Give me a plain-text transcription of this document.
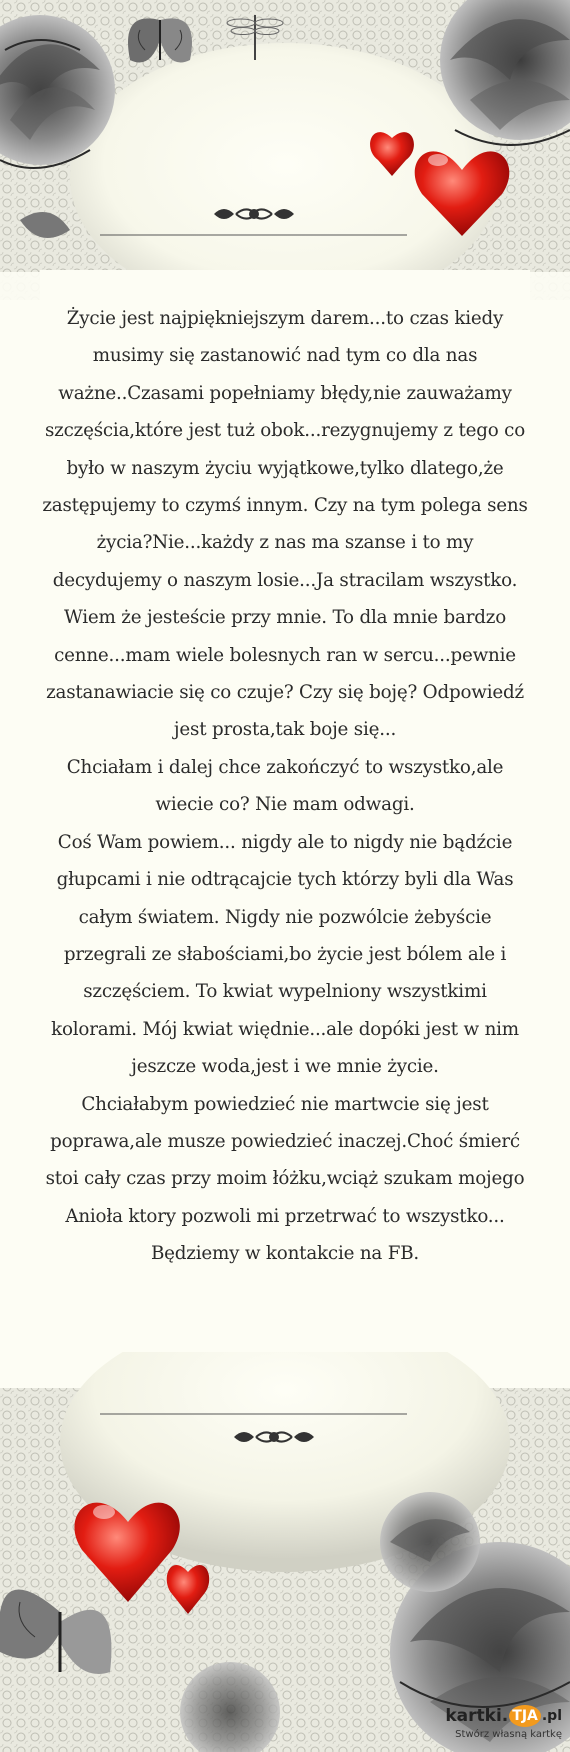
Życie jest najpiękniejszym darem...to czas kiedy musimy się zastanowić nad tym co dla nas ważne..Czasami popełniamy błędy,nie zauważamy szczęścia,które jest tuż obok...rezygnujemy z tego co było w naszym życiu wyjątkowe,tylko dlatego,że zastępujemy to czymś innym. Czy na tym polega sens życia?Nie...każdy z nas ma szanse i to my decydujemy o naszym losie...Ja stracilam wszystko. Wiem że jesteście przy mnie. To dla mnie bardzo cenne...mam wiele bolesnych ran w sercu...pewnie zastanawiacie się co czuje? Czy się boję? Odpowiedź jest prosta,tak boje się...

Chciałam i dalej chce zakończyć to wszystko,ale wiecie co? Nie mam odwagi.

Coś Wam powiem... nigdy ale to nigdy nie bądźcie głupcami i nie odtrącajcie tych którzy byli dla Was całym światem. Nigdy nie pozwólcie żebyście przegrali ze słabościami,bo życie jest bólem ale i szczęściem. To kwiat wypelniony wszystkimi kolorami. Mój kwiat więdnie...ale dopóki jest w nim jeszcze woda,jest i we mnie życie.

Chciałabym powiedzieć nie martwcie się jest poprawa,ale musze powiedzieć inaczej.Choć śmierć stoi cały czas przy moim łóżku,wciąż szukam mojego Anioła ktory pozwoli mi przetrwać to wszystko...

Będziemy w kontakcie na FB.

kartki. TJA .pl
Stwórz własną kartkę
